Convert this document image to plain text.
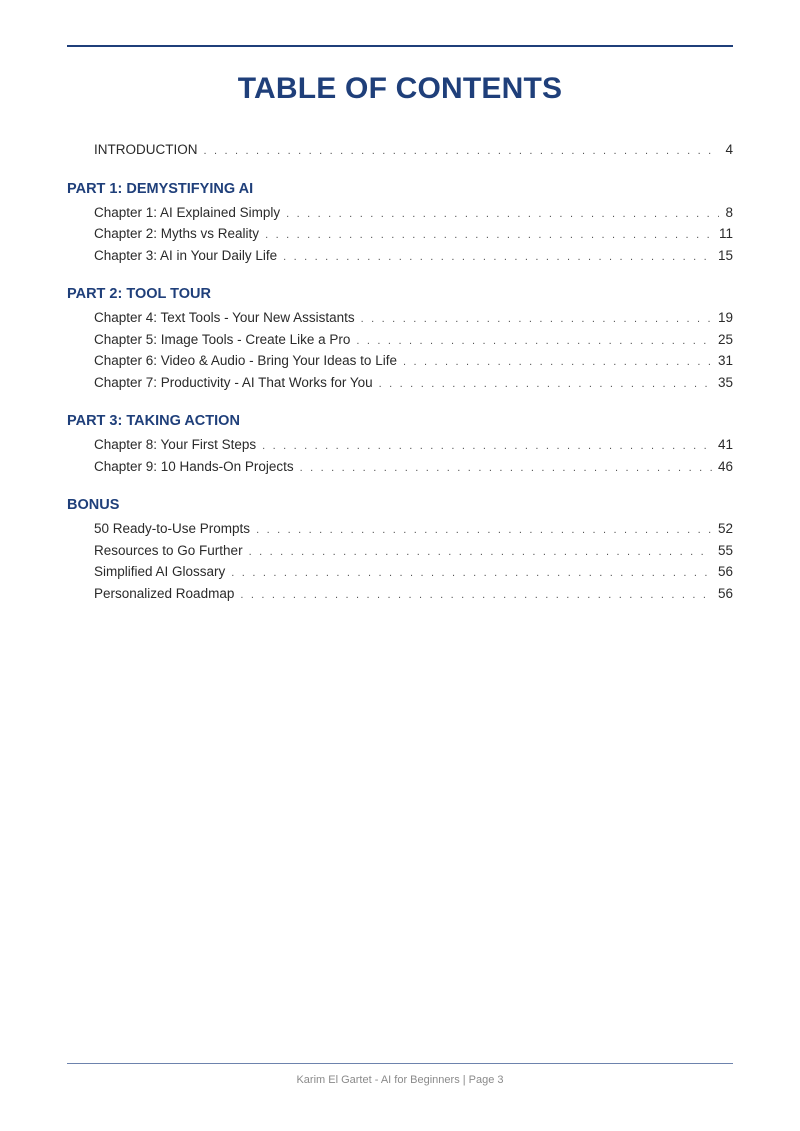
TABLE OF CONTENTS
INTRODUCTION . . .	4
PART 1: DEMYSTIFYING AI
Chapter 1: AI Explained Simply . . .	8
Chapter 2: Myths vs Reality . . .	11
Chapter 3: AI in Your Daily Life . . .	15
PART 2: TOOL TOUR
Chapter 4: Text Tools - Your New Assistants . . .	19
Chapter 5: Image Tools - Create Like a Pro . . .	25
Chapter 6: Video & Audio - Bring Your Ideas to Life . . .	31
Chapter 7: Productivity - AI That Works for You . . .	35
PART 3: TAKING ACTION
Chapter 8: Your First Steps . . .	41
Chapter 9: 10 Hands-On Projects . . .	46
BONUS
50 Ready-to-Use Prompts . . .	52
Resources to Go Further . . .	55
Simplified AI Glossary . . .	56
Personalized Roadmap . . .	56
Karim El Gartet - AI for Beginners | Page 3
